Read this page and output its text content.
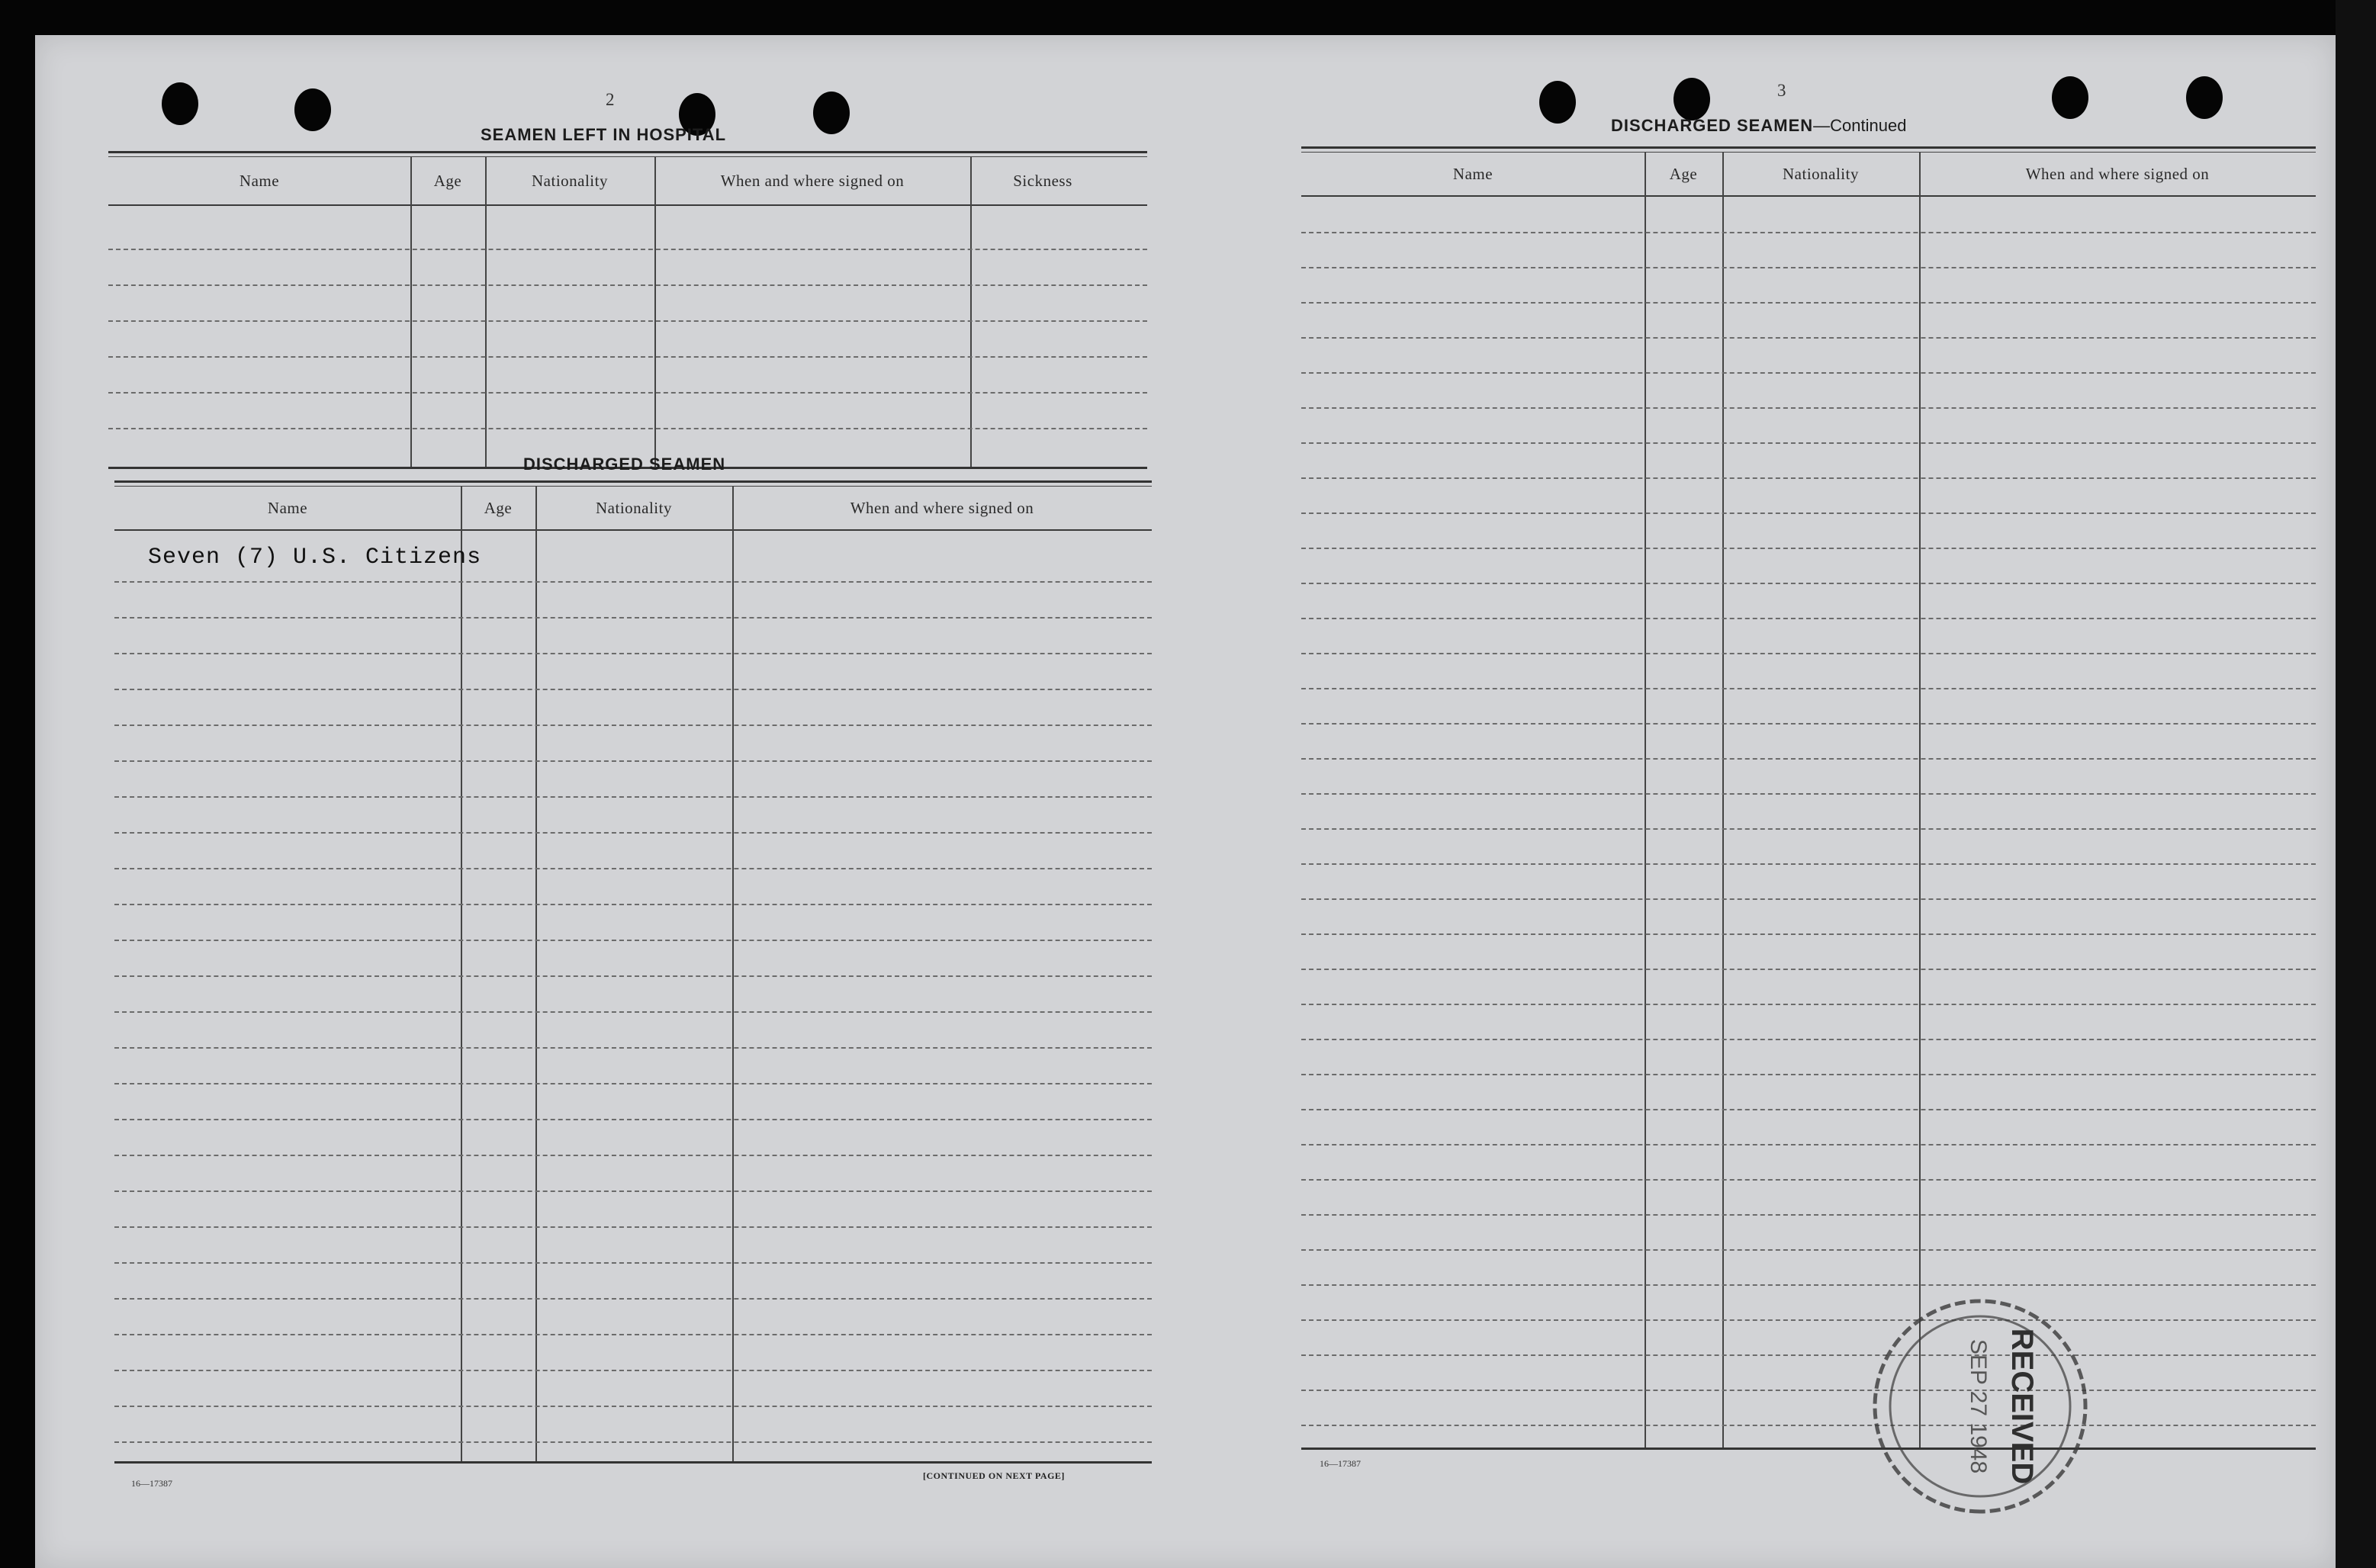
2
SEAMEN LEFT IN HOSPITAL
Name	Age	Nationality	When and where signed on	Sickness
DISCHARGED SEAMEN
Name	Age	Nationality	When and where signed on
Seven (7) U.S. Citizens
16—17387
[CONTINUED ON NEXT PAGE]
3
DISCHARGED SEAMEN—Continued
Name	Age	Nationality	When and where signed on
16—17387	RECEIVED
SEP 27 1948
